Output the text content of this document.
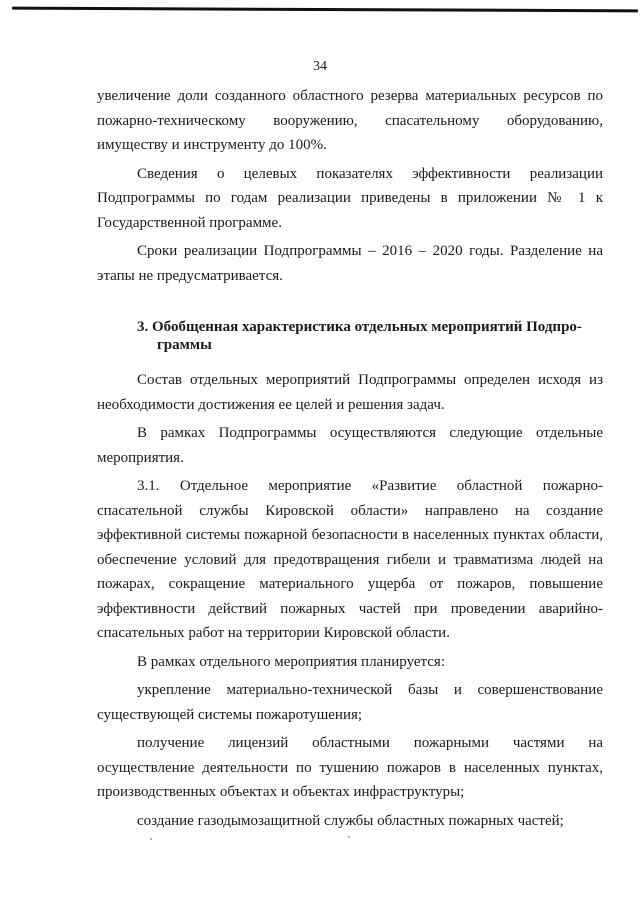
34

увеличение доли созданного областного резерва материальных ресурсов по пожарно-техническому вооружению, спасательному оборудованию, имуществу и инструменту до 100%.

Сведения о целевых показателях эффективности реализации Подпрограммы по годам реализации приведены в приложении № 1 к Государственной программе.

Сроки реализации Подпрограммы – 2016 – 2020 годы. Разделение на этапы не предусматривается.

3. Обобщенная характеристика отдельных мероприятий Подпро-
граммы

Состав отдельных мероприятий Подпрограммы определен исходя из необходимости достижения ее целей и решения задач.

В рамках Подпрограммы осуществляются следующие отдельные мероприятия.

3.1. Отдельное мероприятие «Развитие областной пожарно-спасательной службы Кировской области» направлено на создание эффективной системы пожарной безопасности в населенных пунктах области, обеспечение условий для предотвращения гибели и травматизма людей на пожарах, сокращение материального ущерба от пожаров, повышение эффективности действий пожарных частей при проведении аварийно-спасательных работ на территории Кировской области.

В рамках отдельного мероприятия планируется:

укрепление материально-технической базы и совершенствование существующей системы пожаротушения;

получение лицензий областными пожарными частями на осуществление деятельности по тушению пожаров в населенных пунктах, производственных объектах и объектах инфраструктуры;

создание газодымозащитной службы областных пожарных частей;
